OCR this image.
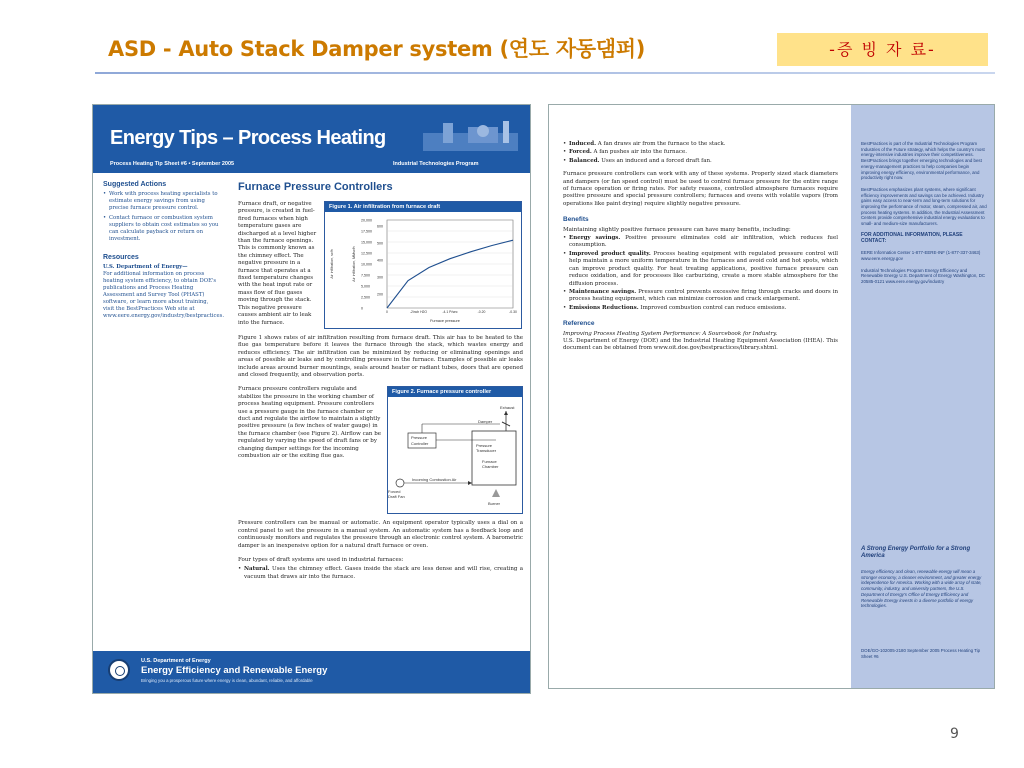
ASD - Auto Stack Damper system (연도 자동댐퍼)	-증 빙 자 료-
Energy Tips – Process Heating
Process Heating Tip Sheet #6 • September 2005	Industrial Technologies Program
Suggested Actions
• Work with process heating specialists to estimate energy savings from using precise furnace pressure control.
• Contact furnace or combustion system suppliers to obtain cost estimates so you can calculate payback or return on investment.
Resources
U.S. Department of Energy—
For additional information on process heating system efficiency, to obtain DOE's publications and Process Heating Assessment and Survey Tool (PHAST) software, or learn more about training, visit the BestPractices Web site at www.eere.energy.gov/industry/bestpractices.
Furnace Pressure Controllers
Furnace draft, or negative pressure, is created in fuel-fired furnaces when high temperature gases are discharged at a level higher than the furnace openings. This is commonly known as the chimney effect. The negative pressure in a furnace that operates at a fixed temperature changes with the heat input rate or mass flow of flue gases moving through the stack. This negative pressure causes ambient air to leak into the furnace.
Figure 1. Air infiltration from furnace draft
Air infiltration, scfh	Air infiltration, MMscfh
20,000
17,500
15,000
12,500
10,000
7,500
5,000
2,500
0
600
500
400
300
200
0	-2inch H2O	-4.1 P/sec	-0.20	-0.30
Furnace pressure
Figure 1 shows rates of air infiltration resulting from furnace draft. This air has to be heated to the flue gas temperature before it leaves the furnace through the stack, which wastes energy and reduces efficiency. The air infiltration can be minimized by reducing or eliminating openings and areas of possible air leaks and by controlling pressure in the furnace. Examples of possible air leaks include areas around burner mountings, seals around heater or radiant tubes, doors that are opened and closed frequently, and observation ports.
Furnace pressure controllers regulate and stabilize the pressure in the working chamber of process heating equipment. Pressure controllers use a pressure gauge in the furnace chamber or duct and regulate the airflow to maintain a slightly positive pressure (a few inches of water gauge) in the furnace chamber (see Figure 2). Airflow can be regulated by varying the speed of draft fans or by changing damper settings for the incoming combustion air or the exiting flue gas.
Figure 2. Furnace pressure controller
Exhaust
Damper
Pressure
Controller	Pressure
Transducer
Furnace
Chamber
Forced
Draft Fan
Incoming Combustion Air
Burner
Pressure controllers can be manual or automatic. An equipment operator typically uses a dial on a control panel to set the pressure in a manual system. An automatic system has a feedback loop and continuously monitors and regulates the pressure through an electronic control system. A barometric damper is an inexpensive option for a natural draft furnace or oven.
Four types of draft systems are used in industrial furnaces:
• Natural. Uses the chimney effect. Gases inside the stack are less dense and will rise, creating a vacuum that draws air into the furnace.
U.S. Department of Energy
Energy Efficiency and Renewable Energy
Bringing you a prosperous future where energy is clean, abundant, reliable, and affordable
• Induced. A fan draws air from the furnace to the stack.
• Forced. A fan pushes air into the furnace.
• Balanced. Uses an induced and a forced draft fan.

Furnace pressure controllers can work with any of these systems. Properly sized stack diameters and dampers (or fan speed control) must be used to control furnace pressure for the entire range of furnace operation or firing rates. For safety reasons, controlled atmosphere furnaces require positive pressure and special pressure controllers; furnaces and ovens with volatile vapors (from operations like paint drying) require slightly negative pressure.

Benefits

Maintaining slightly positive furnace pressure can have many benefits, including:

• Energy savings. Positive pressure eliminates cold air infiltration, which reduces fuel consumption.
• Improved product quality. Process heating equipment with regulated pressure control will help maintain a more uniform temperature in the furnaces and avoid cold and hot spots, which can improve product quality. For heat treating applications, positive furnace pressure can reduce oxidation, and for processes like carburizing, create a more stable atmosphere for the diffusion process.
• Maintenance savings. Pressure control prevents excessive firing through cracks and doors in process heating equipment, which can minimize corrosion and crack enlargement.
• Emissions Reductions. Improved combustion control can reduce emissions.
Reference
Improving Process Heating System Performance: A Sourcebook for Industry.
U.S. Department of Energy (DOE) and the Industrial Heating Equipment Association (IHEA). This document can be obtained from www.oit.doe.gov/bestpractices/library.shtml.

BestPractices is part of the Industrial Technologies Program Industries of the Future strategy, which helps the country's most energy-intensive industries improve their competitiveness. BestPractices brings together emerging technologies and best energy-management practices to help companies begin improving energy efficiency, environmental performance, and productivity right now.

BestPractices emphasizes plant systems, where significant efficiency improvements and savings can be achieved. Industry gains easy access to near-term and long-term solutions for improving the performance of motor, steam, compressed air, and process heating systems. In addition, the Industrial Assessment Centers provide comprehensive industrial energy evaluations to small- and medium-size manufacturers.

FOR ADDITIONAL INFORMATION, PLEASE CONTACT:

EERE Information Center 1-877-EERE-INF (1-877-337-3463) www.eere.energy.gov

Industrial Technologies Program Energy Efficiency and Renewable Energy U.S. Department of Energy Washington, DC 20585-0121 www.eere.energy.gov/industry

A Strong Energy Portfolio for a Strong America
Energy efficiency and clean, renewable energy will mean a stronger economy, a cleaner environment, and greater energy independence for America. Working with a wide array of state, community, industry, and university partners, the U.S. Department of Energy's Office of Energy Efficiency and Renewable Energy invests in a diverse portfolio of energy technologies.
DOE/GO-102005-2180 September 2005 Process Heating Tip Sheet #6
9
